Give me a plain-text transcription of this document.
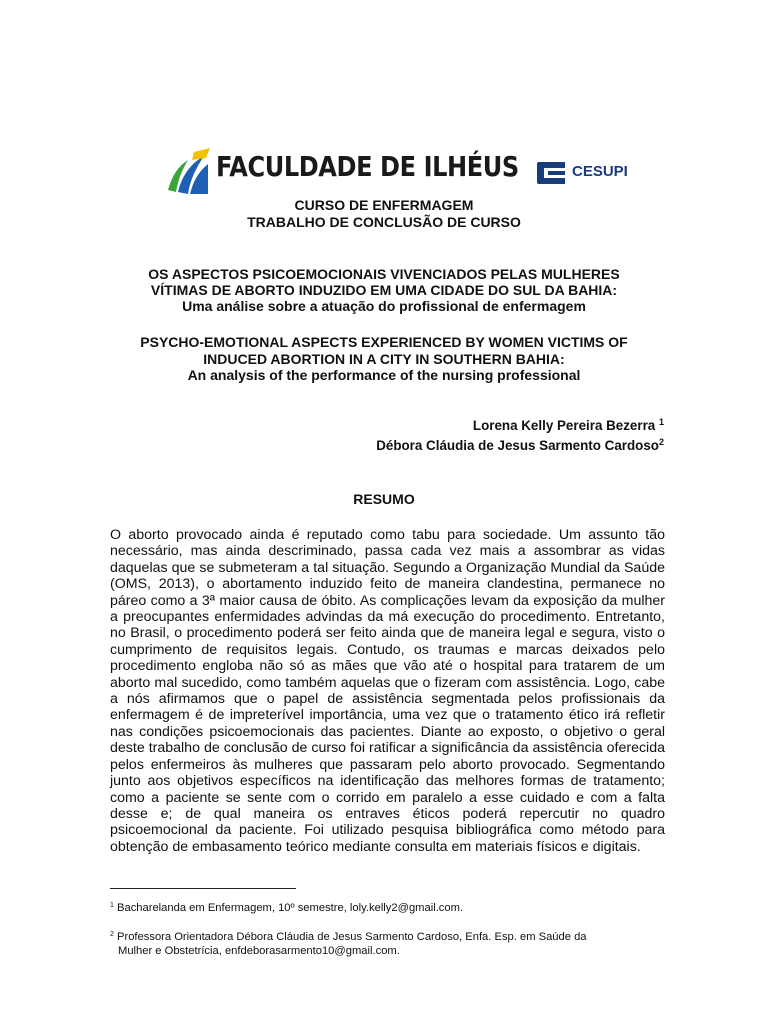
FACULDADE DE ILHÉUS	CESUPI
CURSO DE ENFERMAGEM
TRABALHO DE CONCLUSÃO DE CURSO
OS ASPECTOS PSICOEMOCIONAIS VIVENCIADOS PELAS MULHERES
VÍTIMAS DE ABORTO INDUZIDO EM UMA CIDADE DO SUL DA BAHIA:
Uma análise sobre a atuação do profissional de enfermagem
PSYCHO-EMOTIONAL ASPECTS EXPERIENCED BY WOMEN VICTIMS OF
INDUCED ABORTION IN A CITY IN SOUTHERN BAHIA:
An analysis of the performance of the nursing professional
Lorena Kelly Pereira Bezerra $^1$
Débora Cláudia de Jesus Sarmento Cardoso$^2$
RESUMO

O aborto provocado ainda é reputado como tabu para sociedade. Um assunto tão necessário, mas ainda descriminado, passa cada vez mais a assombrar as vidas daquelas que se submeteram a tal situação. Segundo a Organização Mundial da Saúde (OMS, 2013), o abortamento induzido feito de maneira clandestina, permanece no páreo como a 3ª maior causa de óbito. As complicações levam da exposição da mulher a preocupantes enfermidades advindas da má execução do procedimento. Entretanto, no Brasil, o procedimento poderá ser feito ainda que de maneira legal e segura, visto o cumprimento de requisitos legais. Contudo, os traumas e marcas deixados pelo procedimento engloba não só as mães que vão até o hospital para tratarem de um aborto mal sucedido, como também aquelas que o fizeram com assistência. Logo, cabe a nós afirmamos que o papel de assistência segmentada pelos profissionais da enfermagem é de impreterível importância, uma vez que o tratamento ético irá refletir nas condições psicoemocionais das pacientes. Diante ao exposto, o objetivo o geral deste trabalho de conclusão de curso foi ratificar a significância da assistência oferecida pelos enfermeiros às mulheres que passaram pelo aborto provocado. Segmentando junto aos objetivos específicos na identificação das melhores formas de tratamento; como a paciente se sente com o corrido em paralelo a esse cuidado e com a falta desse e; de qual maneira os entraves éticos poderá repercutir no quadro psicoemocional da paciente. Foi utilizado pesquisa bibliográfica como método para obtenção de embasamento teórico mediante consulta em materiais físicos e digitais.

$^1$ Bacharelanda em Enfermagem, 10º semestre, loly.kelly2@gmail.com.
$^2$ Professora Orientadora Débora Cláudia de Jesus Sarmento Cardoso, Enfa. Esp. em Saúde da
Mulher e Obstetrícia, enfdeborasarmento10@gmail.com.
